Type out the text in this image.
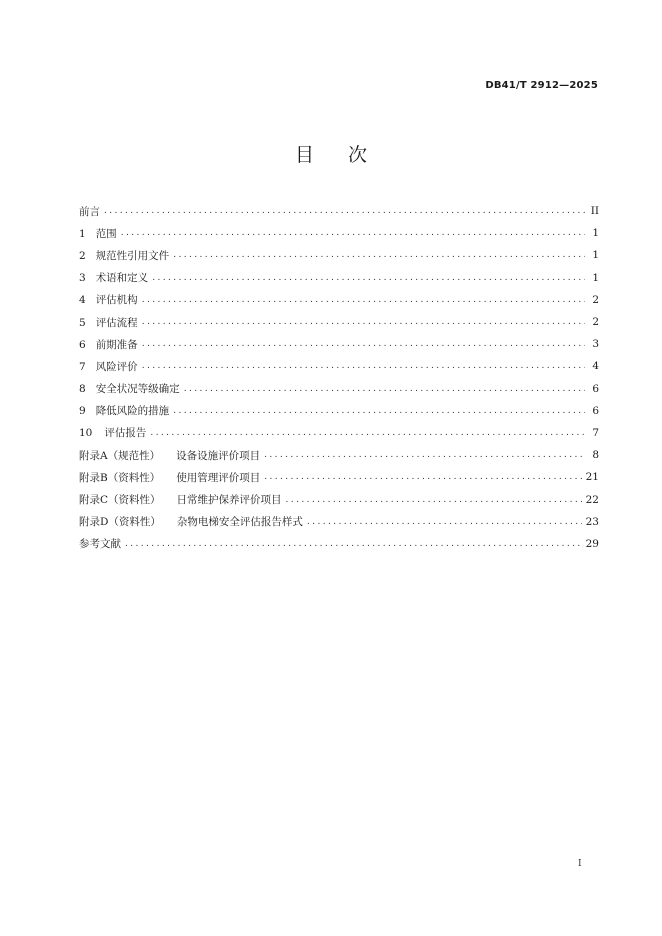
DB41/T 2912—2025
目次
前言 .....	II
1 范围 .....	1
2 规范性引用文件 .....	1
3 术语和定义 .....	1
4 评估机构 .....	2
5 评估流程 .....	2
6 前期准备 .....	3
7 风险评价 .....	4
8 安全状况等级确定 .....	6
9 降低风险的措施 .....	6
10 评估报告 .....	7
附录A（规范性） 设备设施评价项目 .....	8
附录B（资料性） 使用管理评价项目 .....	21
附录C（资料性） 日常维护保养评价项目 .....	22
附录D（资料性） 杂物电梯安全评估报告样式 .....	23
参考文献 .....	29
I
